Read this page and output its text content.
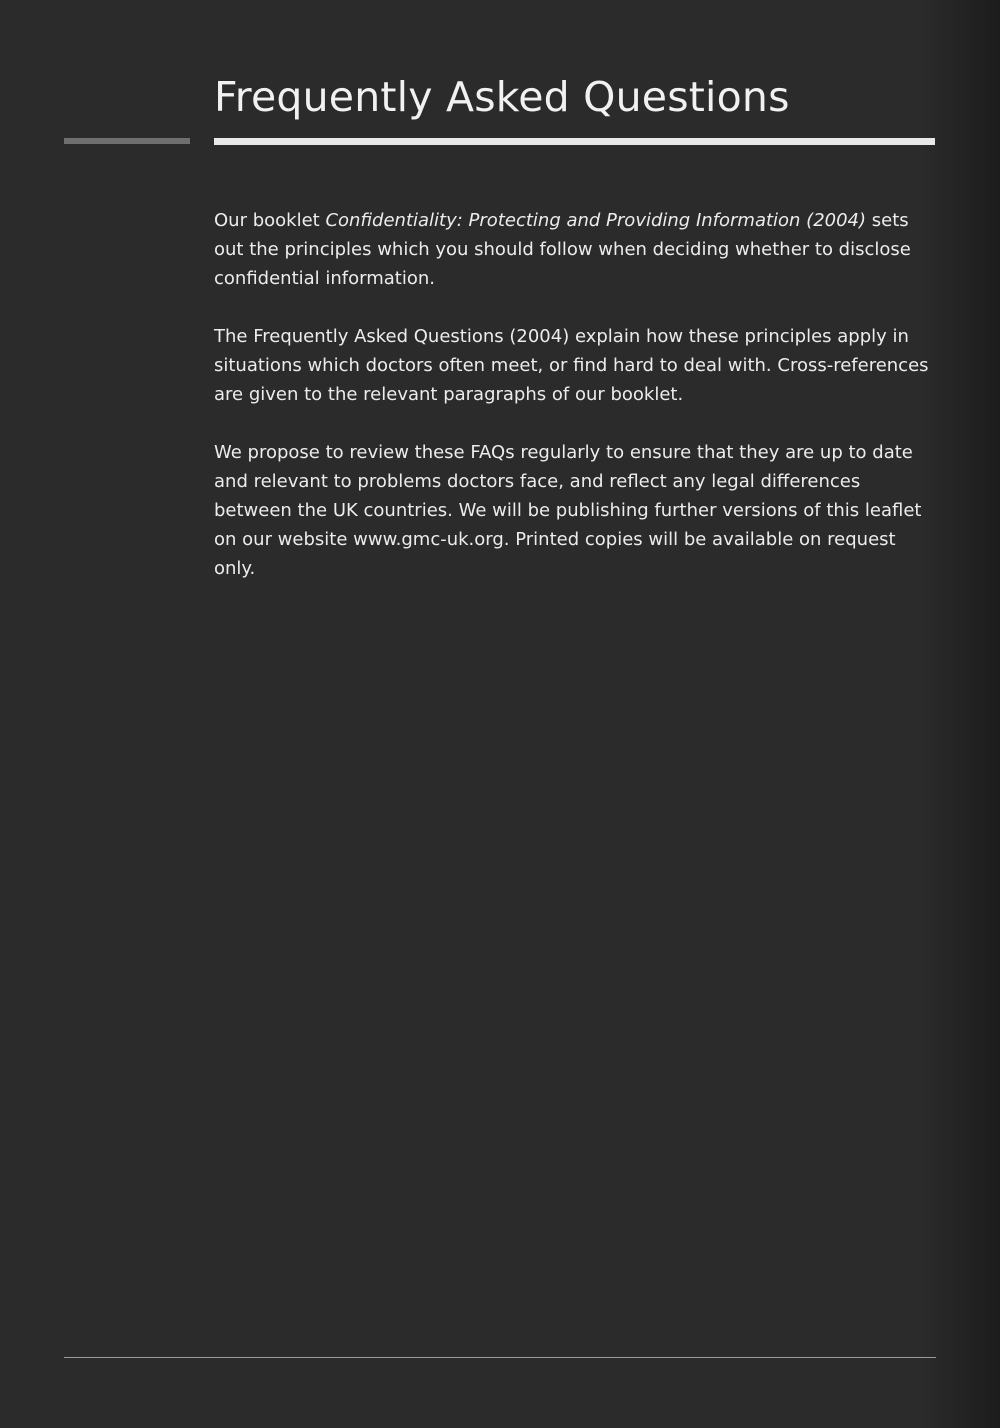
Frequently Asked Questions

Our booklet Confidentiality: Protecting and Providing Information (2004) sets out the principles which you should follow when deciding whether to disclose confidential information.

The Frequently Asked Questions (2004) explain how these principles apply in situations which doctors often meet, or find hard to deal with. Cross-references are given to the relevant paragraphs of our booklet.

We propose to review these FAQs regularly to ensure that they are up to date and relevant to problems doctors face, and reflect any legal differences between the UK countries. We will be publishing further versions of this leaflet on our website www.gmc-uk.org. Printed copies will be available on request only.
